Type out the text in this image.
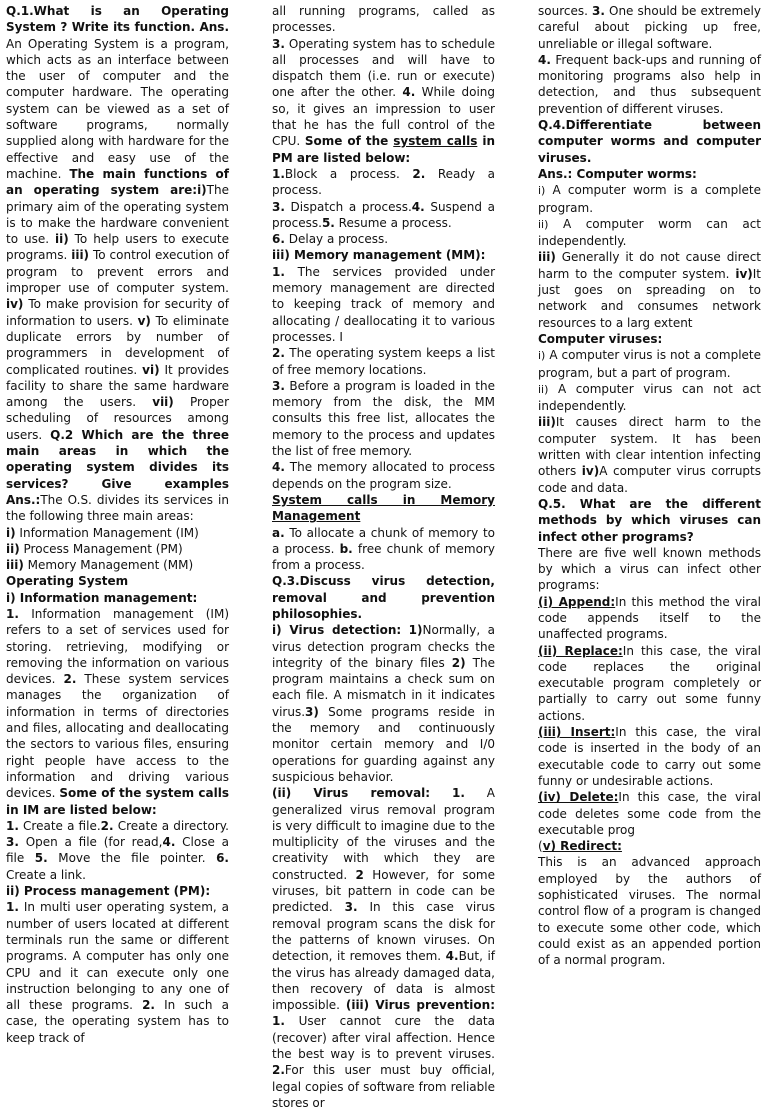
Q.1.What is an Operating System ? Write its function. Ans. An Operating System is a program, which acts as an interface between the user of computer and the computer hardware. The operating system can be viewed as a set of software programs, normally supplied along with hardware for the effective and easy use of the machine. The main functions of an operating system are:i)The primary aim of the operating system is to make the hardware convenient to use. ii) To help users to execute programs. iii) To control execution of program to prevent errors and improper use of computer system. iv) To make provision for security of information to users. v) To eliminate duplicate errors by number of programmers in development of complicated routines. vi) It provides facility to share the same hardware among the users. vii) Proper scheduling of resources among users. Q.2 Which are the three main areas in which the operating system divides its services? Give examples Ans.:The O.S. divides its services in the following three main areas:
i) Information Management (IM)
ii) Process Management (PM)
iii) Memory Management (MM)
Operating System
i) Information management:
1. Information management (IM) refers to a set of services used for storing. retrieving, modifying or removing the information on various devices. 2. These system services manages the organization of information in terms of directories and files, allocating and deallocating the sectors to various files, ensuring right people have access to the information and driving various devices. Some of the system calls in IM are listed below:
1. Create a file.2. Create a directory. 3. Open a file (for read,4. Close a file 5. Move the file pointer. 6. Create a link.
ii) Process management (PM):
1. In multi user operating system, a number of users located at different terminals run the same or different programs. A computer has only one CPU and it can execute only one instruction belonging to any one of all these programs. 2. In such a case, the operating system has to keep track of

all running programs, called as processes.
3. Operating system has to schedule all processes and will have to dispatch them (i.e. run or execute) one after the other. 4. While doing so, it gives an impression to user that he has the full control of the CPU. Some of the system calls in PM are listed below:
1.Block a process. 2. Ready a process.
3. Dispatch a process.4. Suspend a process.5. Resume a process.
6. Delay a process.
iii) Memory management (MM):
1. The services provided under memory management are directed to keeping track of memory and allocating / deallocating it to various processes. I
2. The operating system keeps a list of free memory locations.
3. Before a program is loaded in the memory from the disk, the MM consults this free list, allocates the memory to the process and updates the list of free memory.
4. The memory allocated to process depends on the program size.
System calls in Memory Management
a. To allocate a chunk of memory to a process. b. free chunk of memory from a process.
Q.3.Discuss virus detection, removal and prevention philosophies.
i) Virus detection: 1)Normally, a virus detection program checks the integrity of the binary files 2) The program maintains a check sum on each file. A mismatch in it indicates virus.3) Some programs reside in the memory and continuously monitor certain memory and I/0 operations for guarding against any suspicious behavior.
(ii) Virus removal: 1. A generalized virus removal program is very difficult to imagine due to the multiplicity of the viruses and the creativity with which they are constructed. 2 However, for some viruses, bit pattern in code can be predicted. 3. In this case virus removal program scans the disk for the patterns of known viruses. On detection, it removes them. 4.But, if the virus has already damaged data, then recovery of data is almost impossible. (iii) Virus prevention: 1. User cannot cure the data (recover) after viral affection. Hence the best way is to prevent viruses. 2.For this user must buy official, legal copies of software from reliable stores or

sources. 3. One should be extremely careful about picking up free, unreliable or illegal software.
4. Frequent back-ups and running of monitoring programs also help in detection, and thus subsequent prevention of different viruses.
Q.4.Differentiate between computer worms and computer viruses.
Ans.: Computer worms:
i) A computer worm is a complete program.
ii) A computer worm can act independently.
iii) Generally it do not cause direct harm to the computer system. iv)It just goes on spreading on to network and consumes network resources to a larg extent
Computer viruses:
i) A computer virus is not a complete program, but a part of program.
ii) A computer virus can not act independently.
iii)It causes direct harm to the computer system. It has been written with clear intention infecting others iv)A computer virus corrupts code and data.
Q.5. What are the different methods by which viruses can infect other programs?
There are five well known methods by which a virus can infect other programs:
(i) Append:In this method the viral code appends itself to the unaffected programs.
(ii) Replace:In this case, the viral code replaces the original executable program completely or partially to carry out some funny actions.
(iii) Insert:In this case, the viral code is inserted in the body of an executable code to carry out some funny or undesirable actions.
(iv) Delete:In this case, the viral code deletes some code from the executable prog
(v) Redirect:
This is an advanced approach employed by the authors of sophisticated viruses. The normal control flow of a program is changed to execute some other code, which could exist as an appended portion of a normal program.
